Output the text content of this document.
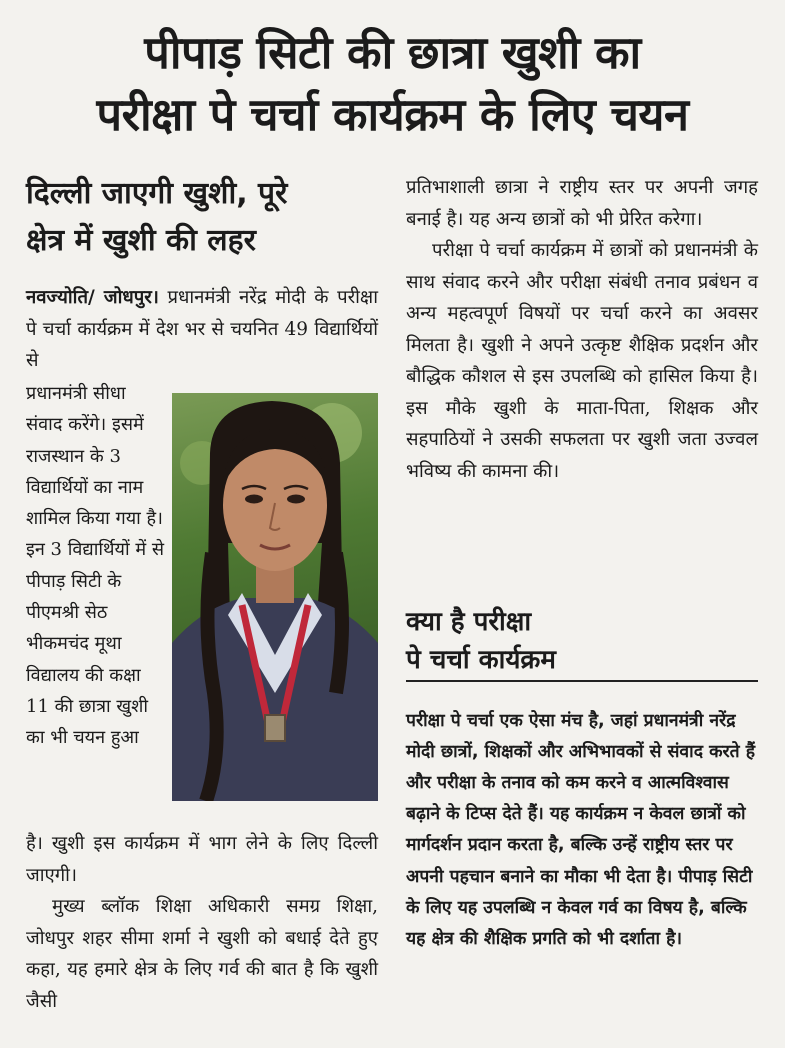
पीपाड़ सिटी की छात्रा खुशी का
परीक्षा पे चर्चा कार्यक्रम के लिए चयन
दिल्ली जाएगी खुशी, पूरे
क्षेत्र में खुशी की लहर

नवज्योति/ जोधपुर। प्रधानमंत्री नरेंद्र मोदी के परीक्षा पे चर्चा कार्यक्रम में देश भर से चयनित 49 विद्यार्थियों से

प्रधानमंत्री सीधा संवाद करेंगे। इसमें राजस्थान के 3 विद्यार्थियों का नाम शामिल किया गया है। इन 3 विद्यार्थियों में से पीपाड़ सिटी के पीएमश्री सेठ भीकमचंद मूथा विद्यालय की कक्षा 11 की छात्रा खुशी का भी चयन हुआ

है। खुशी इस कार्यक्रम में भाग लेने के लिए दिल्ली जाएगी।
मुख्य ब्लॉक शिक्षा अधिकारी समग्र शिक्षा, जोधपुर शहर सीमा शर्मा ने खुशी को बधाई देते हुए कहा, यह हमारे क्षेत्र के लिए गर्व की बात है कि खुशी जैसी

प्रतिभाशाली छात्रा ने राष्ट्रीय स्तर पर अपनी जगह बनाई है। यह अन्य छात्रों को भी प्रेरित करेगा।
परीक्षा पे चर्चा कार्यक्रम में छात्रों को प्रधानमंत्री के साथ संवाद करने और परीक्षा संबंधी तनाव प्रबंधन व अन्य महत्वपूर्ण विषयों पर चर्चा करने का अवसर मिलता है। खुशी ने अपने उत्कृष्ट शैक्षिक प्रदर्शन और बौद्धिक कौशल से इस उपलब्धि को हासिल किया है। इस मौके खुशी के माता-पिता, शिक्षक और सहपाठियों ने उसकी सफलता पर खुशी जता उज्वल भविष्य की कामना की।

क्या है परीक्षा
पे चर्चा कार्यक्रम

परीक्षा पे चर्चा एक ऐसा मंच है, जहां प्रधानमंत्री नरेंद्र मोदी छात्रों, शिक्षकों और अभिभावकों से संवाद करते हैं और परीक्षा के तनाव को कम करने व आत्मविश्वास बढ़ाने के टिप्स देते हैं। यह कार्यक्रम न केवल छात्रों को मार्गदर्शन प्रदान करता है, बल्कि उन्हें राष्ट्रीय स्तर पर अपनी पहचान बनाने का मौका भी देता है। पीपाड़ सिटी के लिए यह उपलब्धि न केवल गर्व का विषय है, बल्कि यह क्षेत्र की शैक्षिक प्रगति को भी दर्शाता है।
